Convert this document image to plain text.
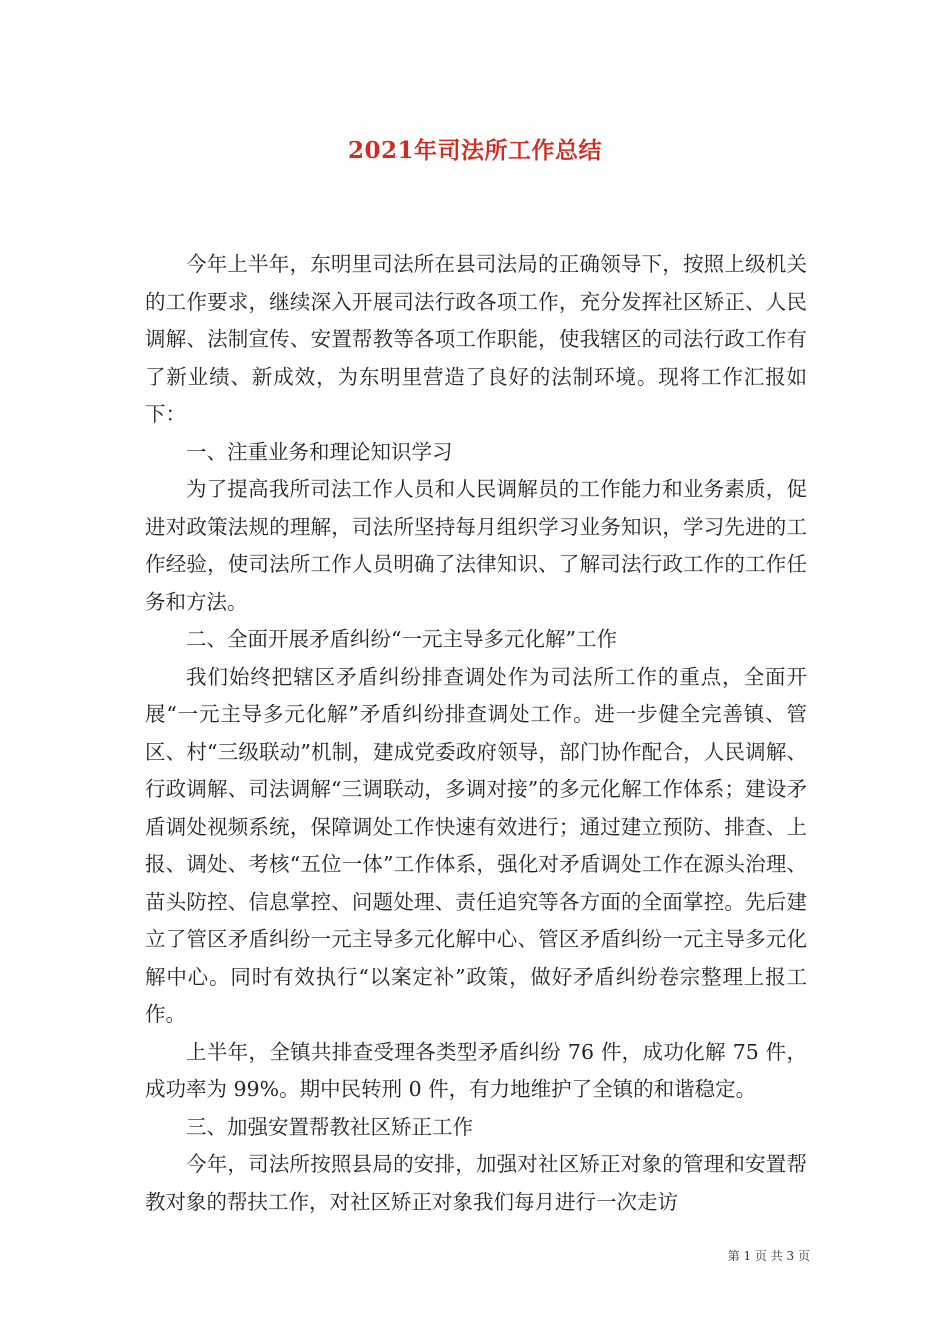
2021年司法所工作总结

今年上半年，东明里司法所在县司法局的正确领导下，按照上级机关的工作要求，继续深入开展司法行政各项工作，充分发挥社区矫正、人民调解、法制宣传、安置帮教等各项工作职能，使我辖区的司法行政工作有了新业绩、新成效，为东明里营造了良好的法制环境。现将工作汇报如下：

一、注重业务和理论知识学习

为了提高我所司法工作人员和人民调解员的工作能力和业务素质，促进对政策法规的理解，司法所坚持每月组织学习业务知识，学习先进的工作经验，使司法所工作人员明确了法律知识、了解司法行政工作的工作任务和方法。

二、全面开展矛盾纠纷“一元主导多元化解”工作

我们始终把辖区矛盾纠纷排查调处作为司法所工作的重点，全面开展“一元主导多元化解”矛盾纠纷排查调处工作。进一步健全完善镇、管区、村“三级联动”机制，建成党委政府领导，部门协作配合，人民调解、行政调解、司法调解“三调联动，多调对接”的多元化解工作体系；建设矛盾调处视频系统，保障调处工作快速有效进行；通过建立预防、排查、上报、调处、考核“五位一体”工作体系，强化对矛盾调处工作在源头治理、苗头防控、信息掌控、问题处理、责任追究等各方面的全面掌控。先后建立了管区矛盾纠纷一元主导多元化解中心、管区矛盾纠纷一元主导多元化解中心。同时有效执行“以案定补”政策，做好矛盾纠纷卷宗整理上报工作。

上半年，全镇共排查受理各类型矛盾纠纷 76 件，成功化解 75 件，成功率为 99%。期中民转刑 0 件，有力地维护了全镇的和谐稳定。

三、加强安置帮教社区矫正工作

今年，司法所按照县局的安排，加强对社区矫正对象的管理和安置帮教对象的帮扶工作，对社区矫正对象我们每月进行一次走访

第 1 页 共 3 页
